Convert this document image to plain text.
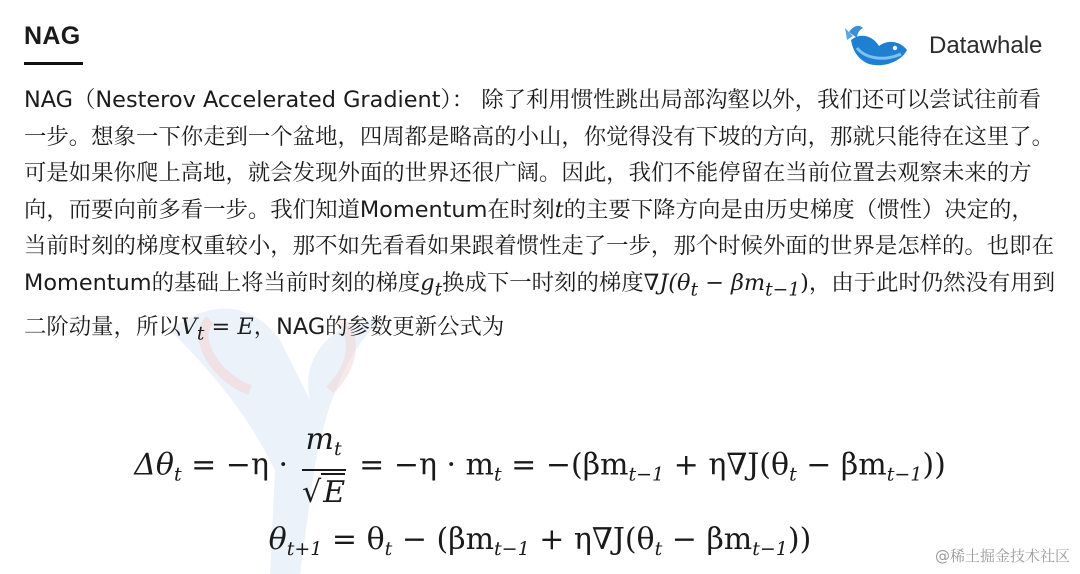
NAG	Datawhale

NAG（Nesterov Accelerated Gradient）： 除了利用惯性跳出局部沟壑以外，我们还可以尝试往前看一步。想象一下你走到一个盆地，四周都是略高的小山，你觉得没有下坡的方向，那就只能待在这里了。可是如果你爬上高地，就会发现外面的世界还很广阔。因此，我们不能停留在当前位置去观察未来的方向，而要向前多看一步。我们知道Momentum在时刻t的主要下降方向是由历史梯度（惯性）决定的，当前时刻的梯度权重较小，那不如先看看如果跟着惯性走了一步，那个时候外面的世界是怎样的。也即在Momentum的基础上将当前时刻的梯度$g_t$换成下一时刻的梯度$\nabla J(\theta_t - \beta m_{t-1})$，由于此时仍然没有用到二阶动量，所以$V_t = E$，NAG的参数更新公式为

$\Delta\theta_t = -\eta \cdot \frac{m_t}{√E} = -\eta \cdot m_t = -(\beta m_{t-1} + \eta\nabla J(\theta_t - \beta m_{t-1}))$
$\theta_{t+1} = \theta_t - (\beta m_{t-1} + \eta\nabla J(\theta_t - \beta m_{t-1}))$	@稀土掘金技术社区
